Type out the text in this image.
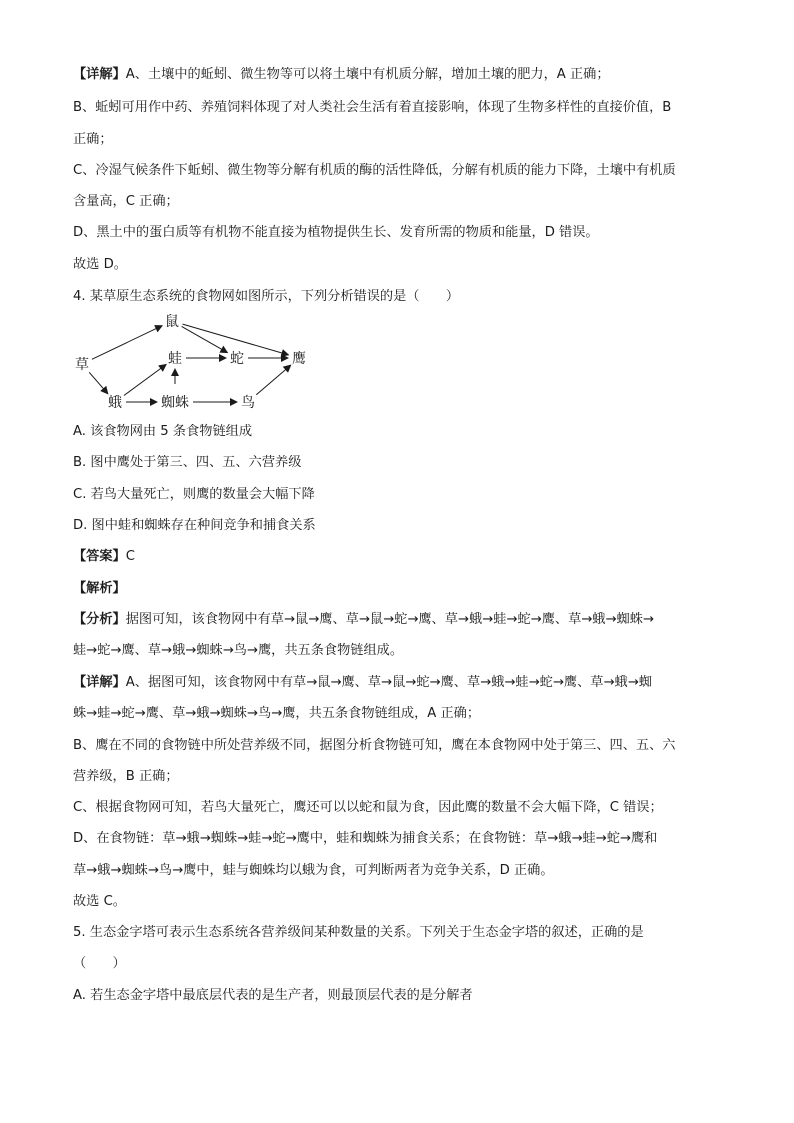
【详解】A、土壤中的蚯蚓、微生物等可以将土壤中有机质分解，增加土壤的肥力，A 正确；
B、蚯蚓可用作中药、养殖饲料体现了对人类社会生活有着直接影响，体现了生物多样性的直接价值，B
正确；
C、冷湿气候条件下蚯蚓、微生物等分解有机质的酶的活性降低，分解有机质的能力下降，土壤中有机质
含量高，C 正确；
D、黑土中的蛋白质等有机物不能直接为植物提供生长、发育所需的物质和能量，D 错误。
故选 D。
4. 某草原生态系统的食物网如图所示，下列分析错误的是（　　）
草
鼠
蛙	蛇	鹰
蛾	蜘蛛	鸟
A. 该食物网由 5 条食物链组成
B. 图中鹰处于第三、四、五、六营养级
C. 若鸟大量死亡，则鹰的数量会大幅下降
D. 图中蛙和蜘蛛存在种间竞争和捕食关系
【答案】C
【解析】
【分析】据图可知，该食物网中有草→鼠→鹰、草→鼠→蛇→鹰、草→蛾→蛙→蛇→鹰、草→蛾→蜘蛛→
蛙→蛇→鹰、草→蛾→蜘蛛→鸟→鹰，共五条食物链组成。
【详解】A、据图可知，该食物网中有草→鼠→鹰、草→鼠→蛇→鹰、草→蛾→蛙→蛇→鹰、草→蛾→蜘
蛛→蛙→蛇→鹰、草→蛾→蜘蛛→鸟→鹰，共五条食物链组成，A 正确；
B、鹰在不同的食物链中所处营养级不同，据图分析食物链可知，鹰在本食物网中处于第三、四、五、六
营养级，B 正确；
C、根据食物网可知，若鸟大量死亡，鹰还可以以蛇和鼠为食，因此鹰的数量不会大幅下降，C 错误；
D、在食物链：草→蛾→蜘蛛→蛙→蛇→鹰中，蛙和蜘蛛为捕食关系；在食物链：草→蛾→蛙→蛇→鹰和
草→蛾→蜘蛛→鸟→鹰中，蛙与蜘蛛均以蛾为食，可判断两者为竞争关系，D 正确。
故选 C。
5. 生态金字塔可表示生态系统各营养级间某种数量的关系。下列关于生态金字塔的叙述，正确的是
（　　）
A. 若生态金字塔中最底层代表的是生产者，则最顶层代表的是分解者
